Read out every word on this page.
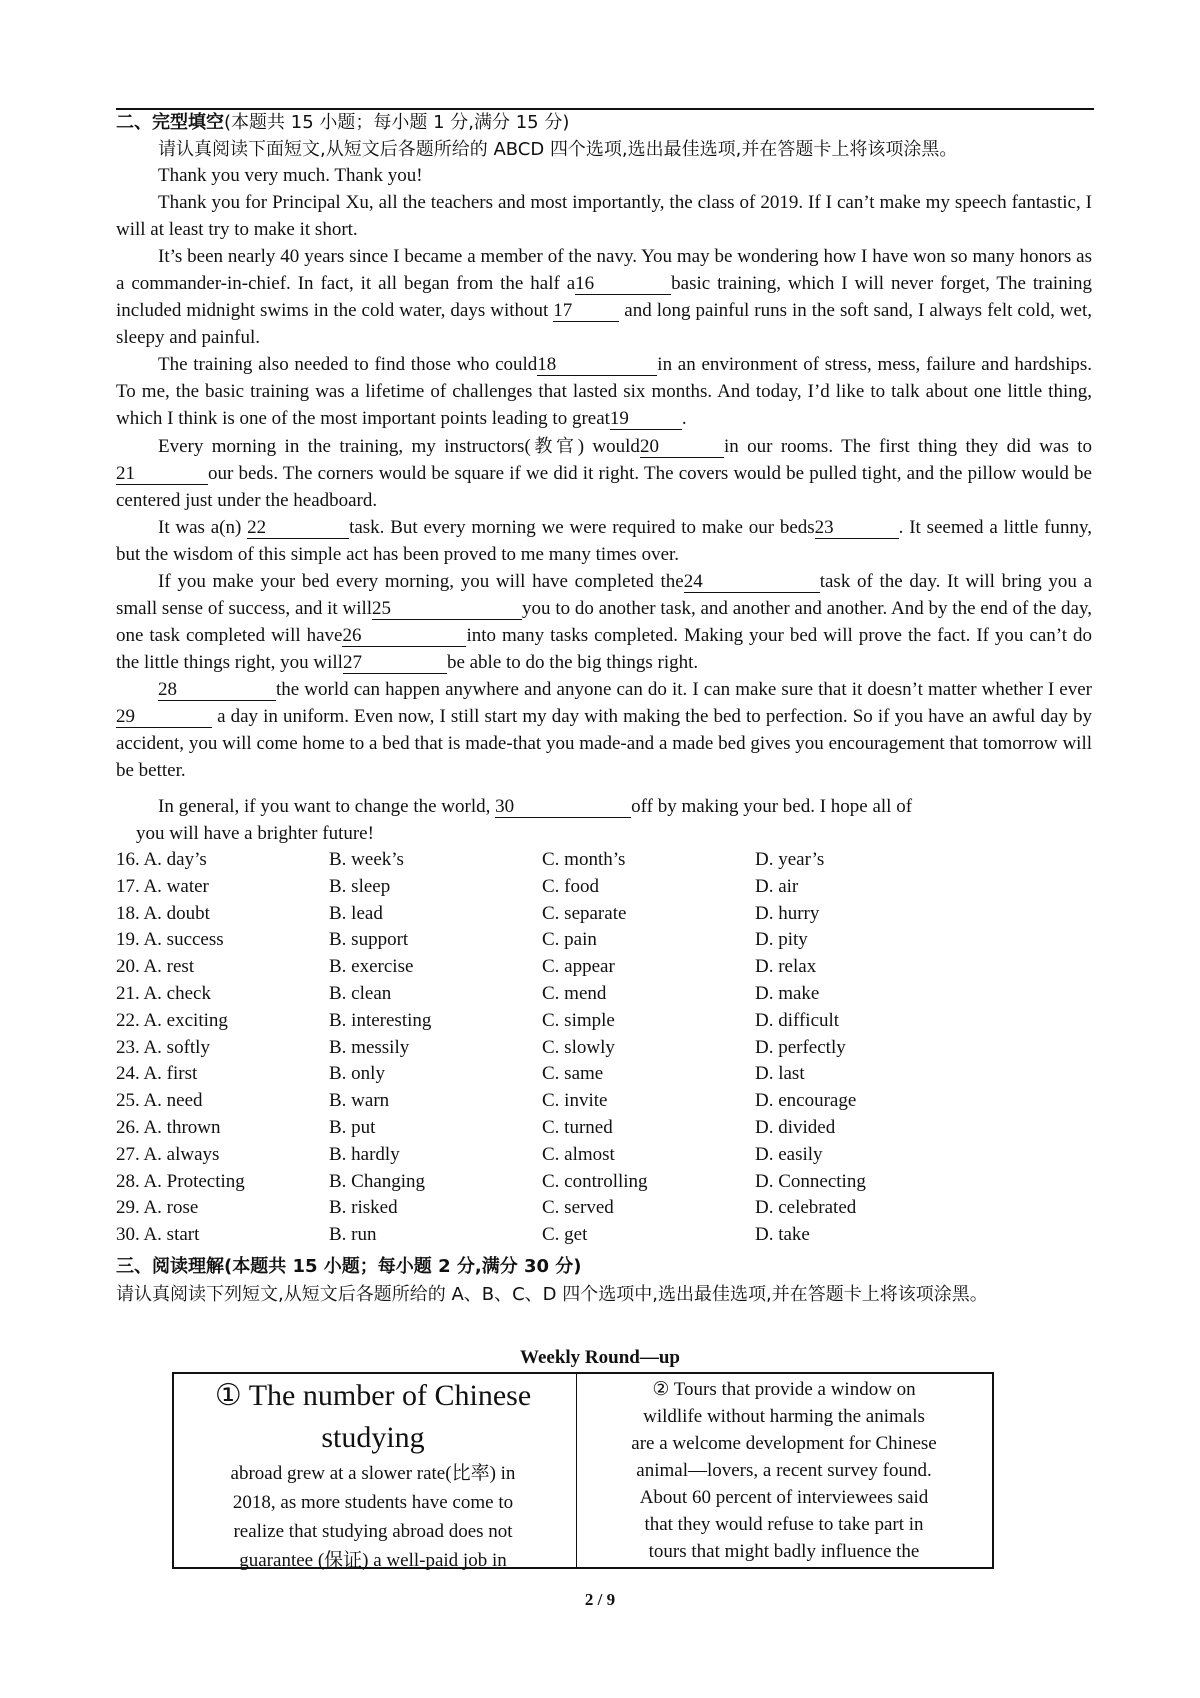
二、完型填空(本题共 15 小题；每小题 1 分,满分 15 分)
请认真阅读下面短文,从短文后各题所给的 ABCD 四个选项,选出最佳选项,并在答题卡上将该项涂黑。
Thank you very much. Thank you!
Thank you for Principal Xu, all the teachers and most importantly, the class of 2019. If I can’t make my speech fantastic, I will at least try to make it short.
It’s been nearly 40 years since I became a member of the navy. You may be wondering how I have won so many honors as a commander-in-chief. In fact, it all began from the half a16	basic training, which I will never forget, The training included midnight swims in the cold water, days without 17	and long painful runs in the soft sand, I always felt cold, wet, sleepy and painful.
The training also needed to find those who could18	in an environment of stress, mess, failure and hardships. To me, the basic training was a lifetime of challenges that lasted six months. And today, I’d like to talk about one little thing, which I think is one of the most important points leading to great19	.
Every morning in the training, my instructors(教官) would20	in our rooms. The first thing they did was to21	our beds. The corners would be square if we did it right. The covers would be pulled tight, and the pillow would be centered just under the headboard.
It was a(n) 22	task. But every morning we were required to make our beds23	. It seemed a little funny, but the wisdom of this simple act has been proved to me many times over.
If you make your bed every morning, you will have completed the24	task of the day. It will bring you a small sense of success, and it will25	you to do another task, and another and another. And by the end of the day, one task completed will have26	into many tasks completed. Making your bed will prove the fact. If you can’t do the little things right, you will27	be able to do the big things right.
28	the world can happen anywhere and anyone can do it. I can make sure that it doesn’t matter whether I ever29	a day in uniform. Even now, I still start my day with making the bed to perfection. So if you have an awful day by accident, you will come home to a bed that is made-that you made-and a made bed gives you encouragement that tomorrow will be better.
In general, if you want to change the world, 30	off by making your bed. I hope all of
you will have a brighter future!
16. A. day’s	B. week’s	C. month’s	D. year’s
17. A. water	B. sleep	C. food	D. air
18. A. doubt	B. lead	C. separate	D. hurry
19. A. success	B. support	C. pain	D. pity
20. A. rest	B. exercise	C. appear	D. relax
21. A. check	B. clean	C. mend	D. make
22. A. exciting	B. interesting	C. simple	D. difficult
23. A. softly	B. messily	C. slowly	D. perfectly
24. A. first	B. only	C. same	D. last
25. A. need	B. warn	C. invite	D. encourage
26. A. thrown	B. put	C. turned	D. divided
27. A. always	B. hardly	C. almost	D. easily
28. A. Protecting	B. Changing	C. controlling	D. Connecting
29. A. rose	B. risked	C. served	D. celebrated
30. A. start	B. run	C. get	D. take
三、阅读理解(本题共 15 小题；每小题 2 分,满分 30 分)
请认真阅读下列短文,从短文后各题所给的 A、B、C、D 四个选项中,选出最佳选项,并在答题卡上将该项涂黑。
Weekly Round—up
① The number of Chinese
studying
abroad grew at a slower rate(比率) in
2018, as more students have come to
realize that studying abroad does not
guarantee (保证) a well-paid job in
② Tours that provide a window on
wildlife without harming the animals
are a welcome development for Chinese
animal—lovers, a recent survey found.
About 60 percent of interviewees said
that they would refuse to take part in
tours that might badly influence the
2 / 9
